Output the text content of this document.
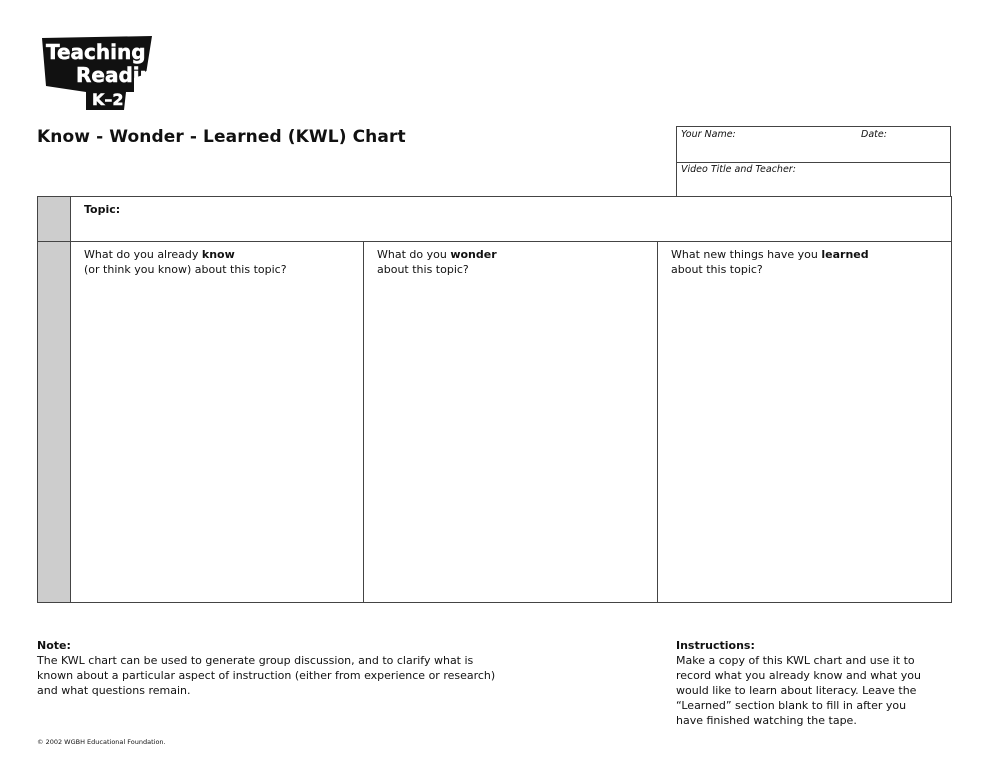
Teaching
Reading
K–2
Know - Wonder - Learned (KWL) Chart	Your Name:	Date:
Video Title and Teacher:
Topic:
What do you already know
(or think you know) about this topic?
What do you wonder
about this topic?
What new things have you learned
about this topic?
Note:
The KWL chart can be used to generate group discussion, and to clarify what is
known about a particular aspect of instruction (either from experience or research)
and what questions remain.
Instructions:
Make a copy of this KWL chart and use it to
record what you already know and what you
would like to learn about literacy. Leave the
“Learned” section blank to fill in after you
have finished watching the tape.
© 2002 WGBH Educational Foundation.
